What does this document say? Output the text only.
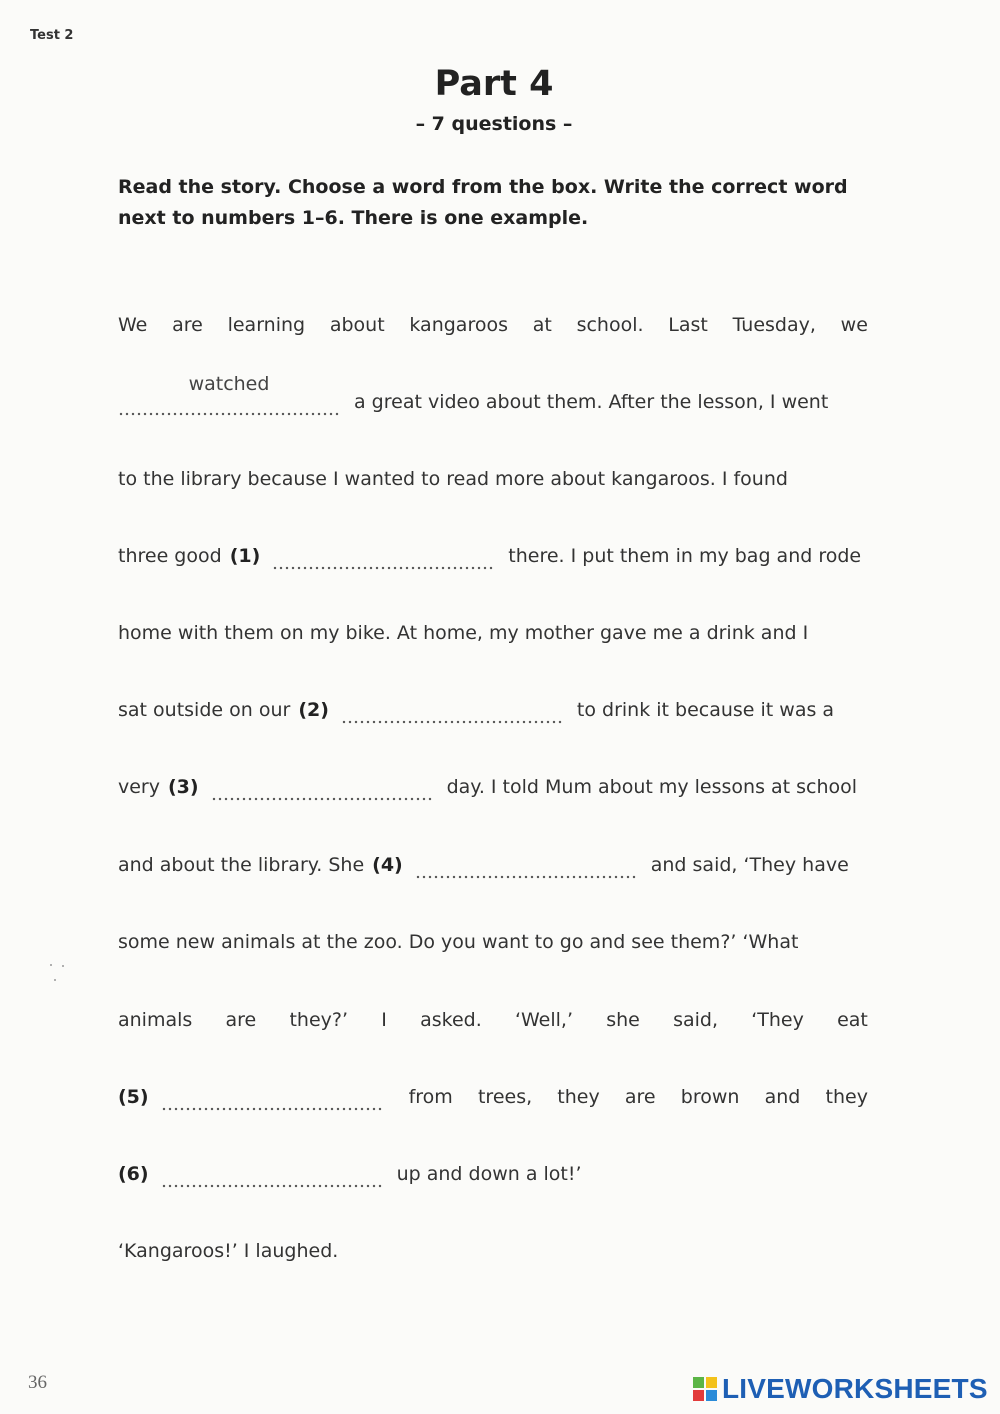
Test 2
Part 4
– 7 questions –
Read the story. Choose a word from the box. Write the correct word next to numbers 1–6. There is one example.
We are learning about kangaroos at school. Last Tuesday, we
watched
a great video about them. After the lesson, I went
to the library because I wanted to read more about kangaroos. I found
three good (1)	there. I put them in my bag and rode
home with them on my bike. At home, my mother gave me a drink and I
sat outside on our (2)	to drink it because it was a
very (3)	day. I told Mum about my lessons at school
and about the library. She (4)	and said, ‘They have
some new animals at the zoo. Do you want to go and see them?’ ‘What
animals are they?’ I asked. ‘Well,’ she said, ‘They eat
(5)	from trees, they are brown and they
(6)	up and down a lot!’
‘Kangaroos!’ I laughed.
36	LIVEWORKSHEETS
